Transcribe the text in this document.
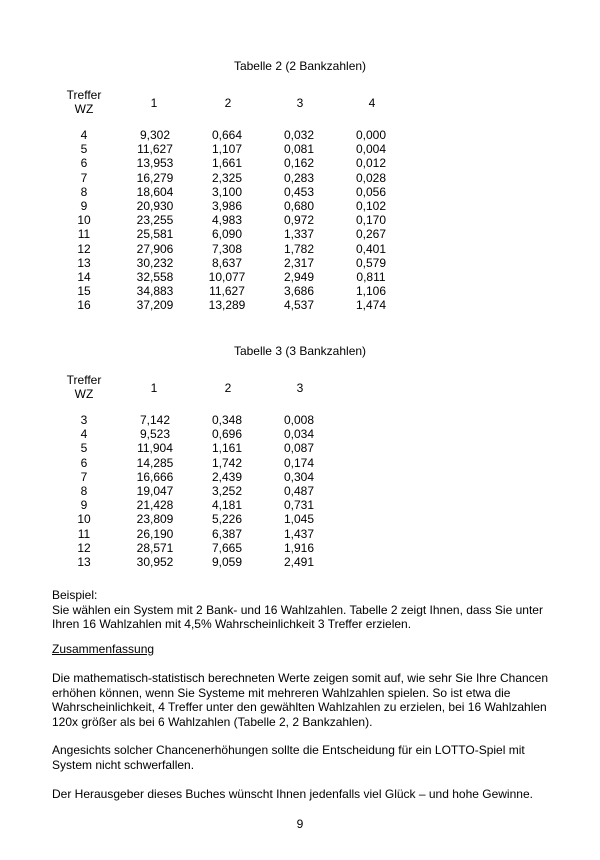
Tabelle 2 (2 Bankzahlen)
Treffer
WZ	1	2	3	4
4	9,302	0,664	0,032	0,000
5	11,627	1,107	0,081	0,004
6	13,953	1,661	0,162	0,012
7	16,279	2,325	0,283	0,028
8	18,604	3,100	0,453	0,056
9	20,930	3,986	0,680	0,102
10	23,255	4,983	0,972	0,170
11	25,581	6,090	1,337	0,267
12	27,906	7,308	1,782	0,401
13	30,232	8,637	2,317	0,579
14	32,558	10,077	2,949	0,811
15	34,883	11,627	3,686	1,106
16	37,209	13,289	4,537	1,474
Tabelle 3 (3 Bankzahlen)
Treffer
WZ	1	2	3
3	7,142	0,348	0,008
4	9,523	0,696	0,034
5	11,904	1,161	0,087
6	14,285	1,742	0,174
7	16,666	2,439	0,304
8	19,047	3,252	0,487
9	21,428	4,181	0,731
10	23,809	5,226	1,045
11	26,190	6,387	1,437
12	28,571	7,665	1,916
13	30,952	9,059	2,491

Beispiel:

Sie wählen ein System mit 2 Bank- und 16 Wahlzahlen. Tabelle 2 zeigt Ihnen, dass Sie unter Ihren 16 Wahlzahlen mit 4,5% Wahrscheinlichkeit 3 Treffer erzielen.

Zusammenfassung

Die mathematisch-statistisch berechneten Werte zeigen somit auf, wie sehr Sie Ihre Chancen erhöhen können, wenn Sie Systeme mit mehreren Wahlzahlen spielen. So ist etwa die Wahrscheinlichkeit, 4 Treffer unter den gewählten Wahlzahlen zu erzielen, bei 16 Wahlzahlen 120x größer als bei 6 Wahlzahlen (Tabelle 2, 2 Bankzahlen).

Angesichts solcher Chancenerhöhungen sollte die Entscheidung für ein LOTTO-Spiel mit System nicht schwerfallen.

Der Herausgeber dieses Buches wünscht Ihnen jedenfalls viel Glück – und hohe Gewinne.

9
